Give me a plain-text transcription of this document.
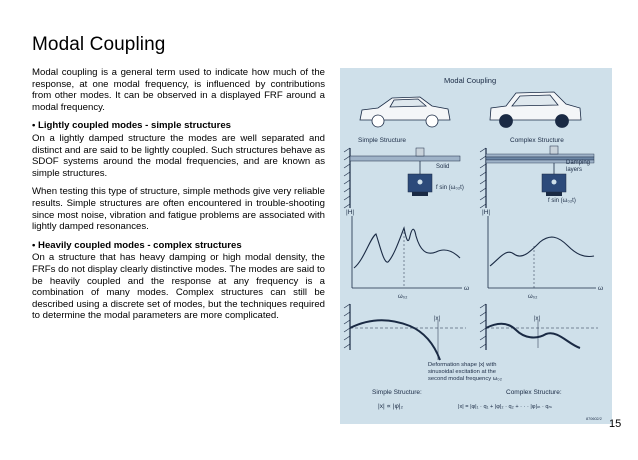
Modal Coupling

Modal coupling is a general term used to indicate how much of the response, at one modal frequency, is influenced by contributions from other modes. It can be observed in a displayed FRF around a modal frequency.

• Lightly coupled modes - simple structures

On a lightly damped structure the modes are well separated and distinct and are said to be lightly coupled. Such structures behave as SDOF systems around the modal frequencies, and are known as simple structures.

When testing this type of structure, simple methods give very reliable results. Simple structures are often encountered in trouble-shooting since most noise, vibration and fatigue problems are associated with lightly damped resonances.

• Heavily coupled modes - complex structures

On a structure that has heavy damping or high modal density, the FRFs do not display clearly distinctive modes. The modes are said to be heavily coupled and the response at any frequency is a combination of many modes. Complex structures can still be described using a discrete set of modes, but the techniques required to determine the modal parameters are more complicated.

Modal Coupling
Simple Structure	Complex Structure
Solid
f sin (ω₀₂t)
Damping
layers
f sin (ω₀₂t)
|H|	|H|
ω
ω₀₂
ω
ω₀₂
|x|	|x|
Deformation shape |x| with
sinusoidal excitation at the
second modal frequency ω₀₂
Simple Structure:	Complex Structure:
|x| ∝ |φ|₂	|x| = |φ|₁ · q₁ + |φ|₂ · q₂ + · · · |φ|ₘ · qₘ
870602/2 15
